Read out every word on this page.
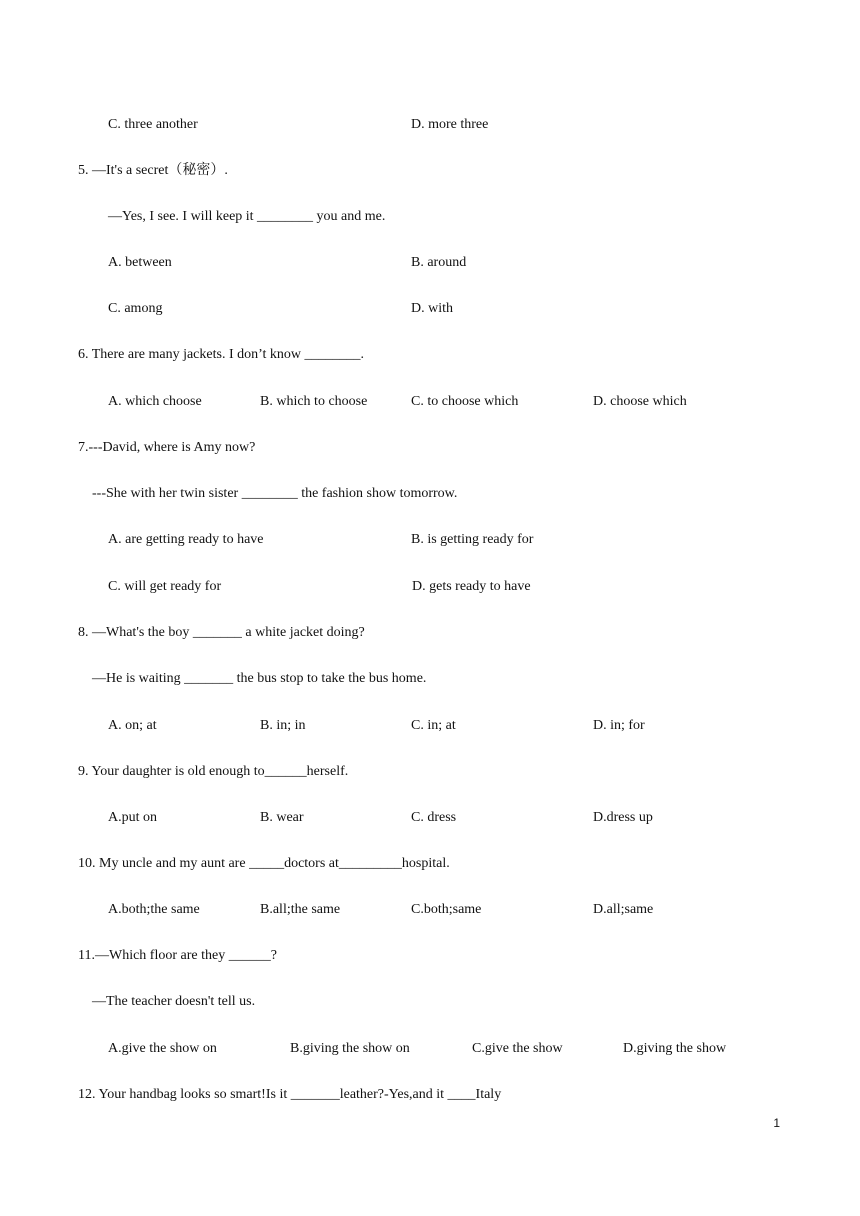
C. three another	D. more three
5. —It's a secret（秘密）.
—Yes, I see. I will keep it ________ you and me.
A. between	B. around
C. among	D. with
6. There are many jackets. I don’t know ________.
A. which choose	B. which to choose	C. to choose which	D. choose which
7.---David, where is Amy now?
---She with her twin sister ________ the fashion show tomorrow.
A. are getting ready to have	B. is getting ready for
C. will get ready for	D. gets ready to have
8. —What's the boy _______ a white jacket doing?
—He is waiting _______ the bus stop to take the bus home.
A. on; at	B. in; in	C. in; at	D. in; for
9. Your daughter is old enough to______herself.
A.put on	B. wear	C. dress	D.dress up
10. My uncle and my aunt are _____doctors at_________hospital.
A.both;the same	B.all;the same	C.both;same	D.all;same
11.—Which floor are they ______?
—The teacher doesn't tell us.
A.give the show on	B.giving the show on	C.give the show	D.giving the show
12. Your handbag looks so smart!Is it _______leather?-Yes,and it ____Italy
1
